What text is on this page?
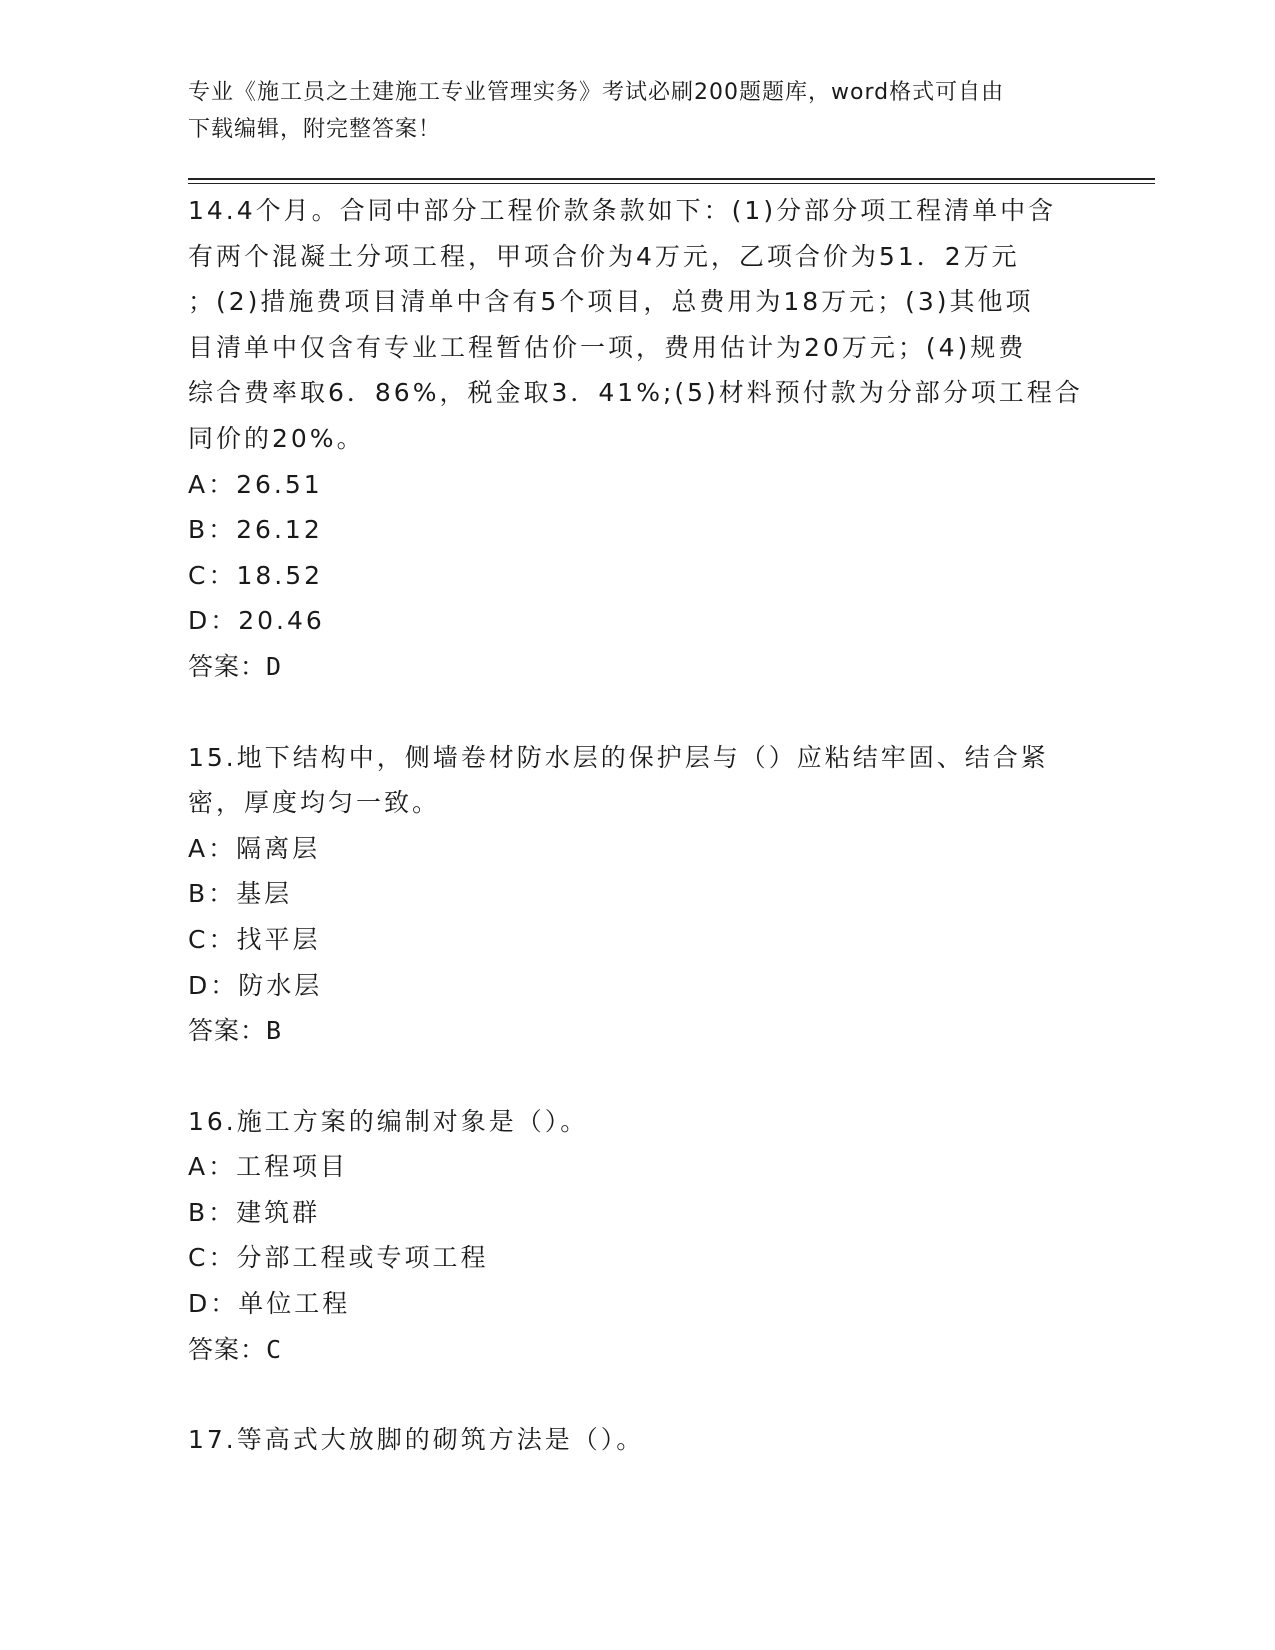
专业《施工员之土建施工专业管理实务》考试必刷200题题库，word格式可自由
下载编辑，附完整答案！
14.4个月。合同中部分工程价款条款如下：(1)分部分项工程清单中含
有两个混凝土分项工程，甲项合价为4万元，乙项合价为51．2万元
；(2)措施费项目清单中含有5个项目，总费用为18万元；(3)其他项
目清单中仅含有专业工程暂估价一项，费用估计为20万元；(4)规费
综合费率取6．86%，税金取3．41%;(5)材料预付款为分部分项工程合
同价的20%。
A：26.51
B：26.12
C：18.52
D：20.46
答案：D
15.地下结构中，侧墙卷材防水层的保护层与（）应粘结牢固、结合紧
密，厚度均匀一致。
A：隔离层
B：基层
C：找平层
D：防水层
答案：B
16.施工方案的编制对象是（）。
A：工程项目
B：建筑群
C：分部工程或专项工程
D：单位工程
答案：C
17.等高式大放脚的砌筑方法是（）。
